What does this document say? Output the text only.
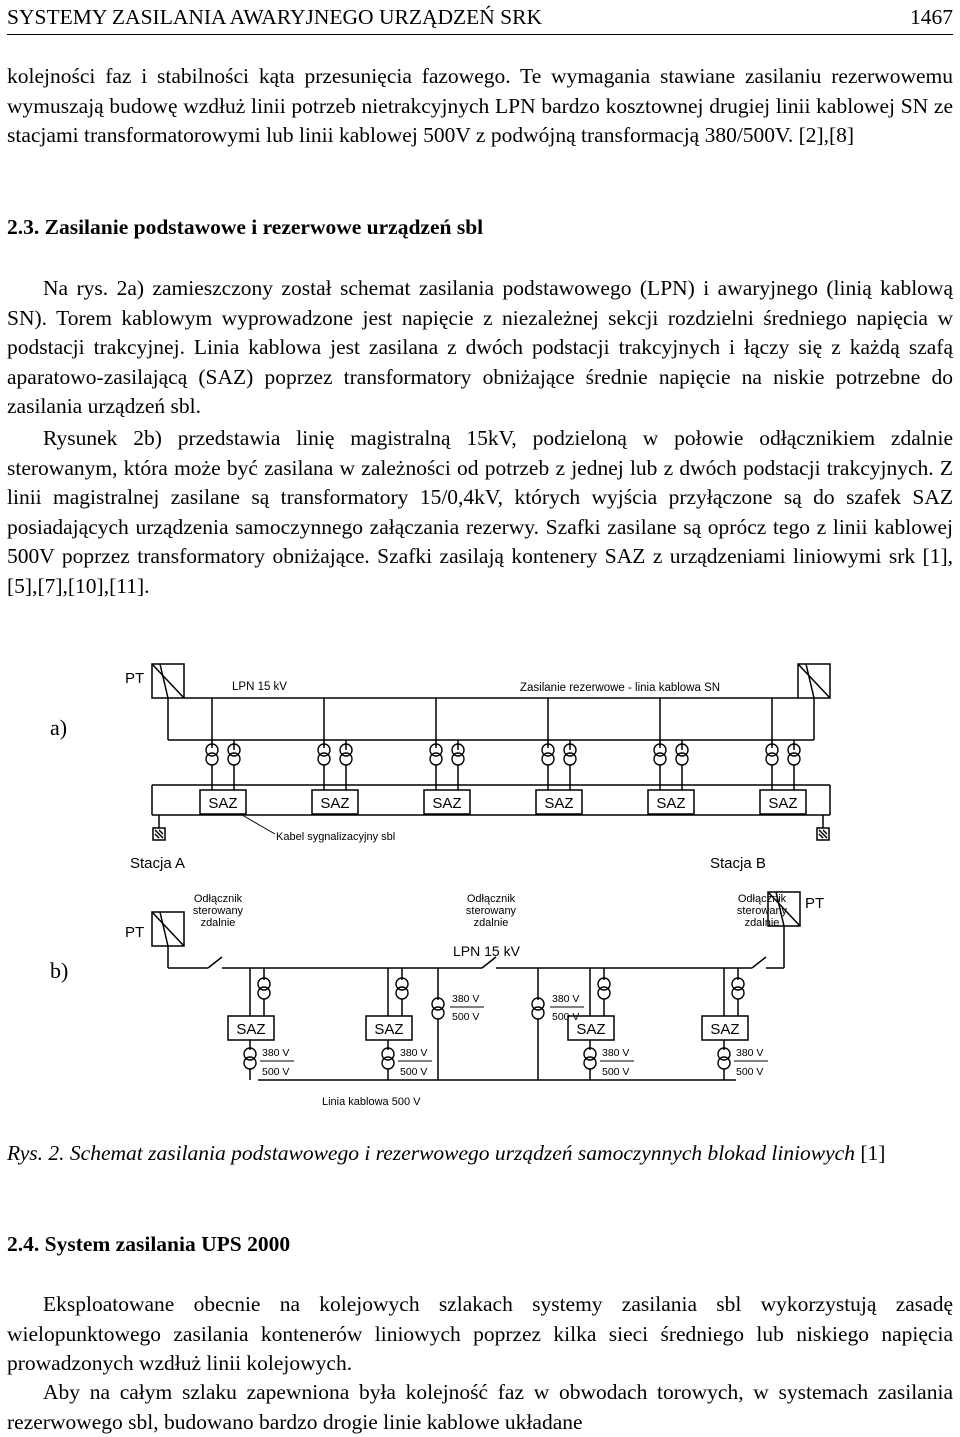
SYSTEMY ZASILANIA AWARYJNEGO URZĄDZEŃ SRK	1467

kolejności faz i stabilności kąta przesunięcia fazowego. Te wymagania stawiane zasilaniu rezerwowemu wymuszają budowę wzdłuż linii potrzeb nietrakcyjnych LPN bardzo kosztownej drugiej linii kablowej SN ze stacjami transformatorowymi lub linii kablowej 500V z podwójną transformacją 380/500V. [2],[8]

2.3. Zasilanie podstawowe i rezerwowe urządzeń sbl

Na rys. 2a) zamieszczony został schemat zasilania podstawowego (LPN) i awaryjnego (linią kablową SN). Torem kablowym wyprowadzone jest napięcie z niezależnej sekcji rozdzielni średniego napięcia w podstacji trakcyjnej. Linia kablowa jest zasilana z dwóch podstacji trakcyjnych i łączy się z każdą szafą aparatowo-zasilającą (SAZ) poprzez transformatory obniżające średnie napięcie na niskie potrzebne do zasilania urządzeń sbl.

Rysunek 2b) przedstawia linię magistralną 15kV, podzieloną w połowie odłącznikiem zdalnie sterowanym, która może być zasilana w zależności od potrzeb z jednej lub z dwóch podstacji trakcyjnych. Z linii magistralnej zasilane są transformatory 15/0,4kV, których wyjścia przyłączone są do szafek SAZ posiadających urządzenia samoczynnego załączania rezerwy. Szafki zasilane są oprócz tego z linii kablowej 500V poprzez transformatory obniżające. Szafki zasilają kontenery SAZ z urządzeniami liniowymi srk [1],[5],[7],[10],[11].

a)
b)
SAZ	SAZ	SAZ	SAZ	SAZ	SAZ
PT	LPN 15 kV	Zasilanie rezerwowe - linia kablowa SN
Kabel sygnalizacyjny sbl
Stacja A	Stacja B
SAZ
380 V
500 V
SAZ
380 V
500 V
SAZ
380 V
500 V
SAZ
380 V
500 V
380 V
500 V
380 V
500 V
PT
PT
Odłącznik
sterowany
zdalnie
Odłącznik
sterowany
zdalnie
Odłącznik
sterowany
zdalnie
LPN 15 kV
Linia kablowa 500 V

Rys. 2. Schemat zasilania podstawowego i rezerwowego urządzeń samoczynnych blokad liniowych [1]

2.4. System zasilania UPS 2000

Eksploatowane obecnie na kolejowych szlakach systemy zasilania sbl wykorzystują zasadę wielopunktowego zasilania kontenerów liniowych poprzez kilka sieci średniego lub niskiego napięcia prowadzonych wzdłuż linii kolejowych.

Aby na całym szlaku zapewniona była kolejność faz w obwodach torowych, w systemach zasilania rezerwowego sbl, budowano bardzo drogie linie kablowe układane
